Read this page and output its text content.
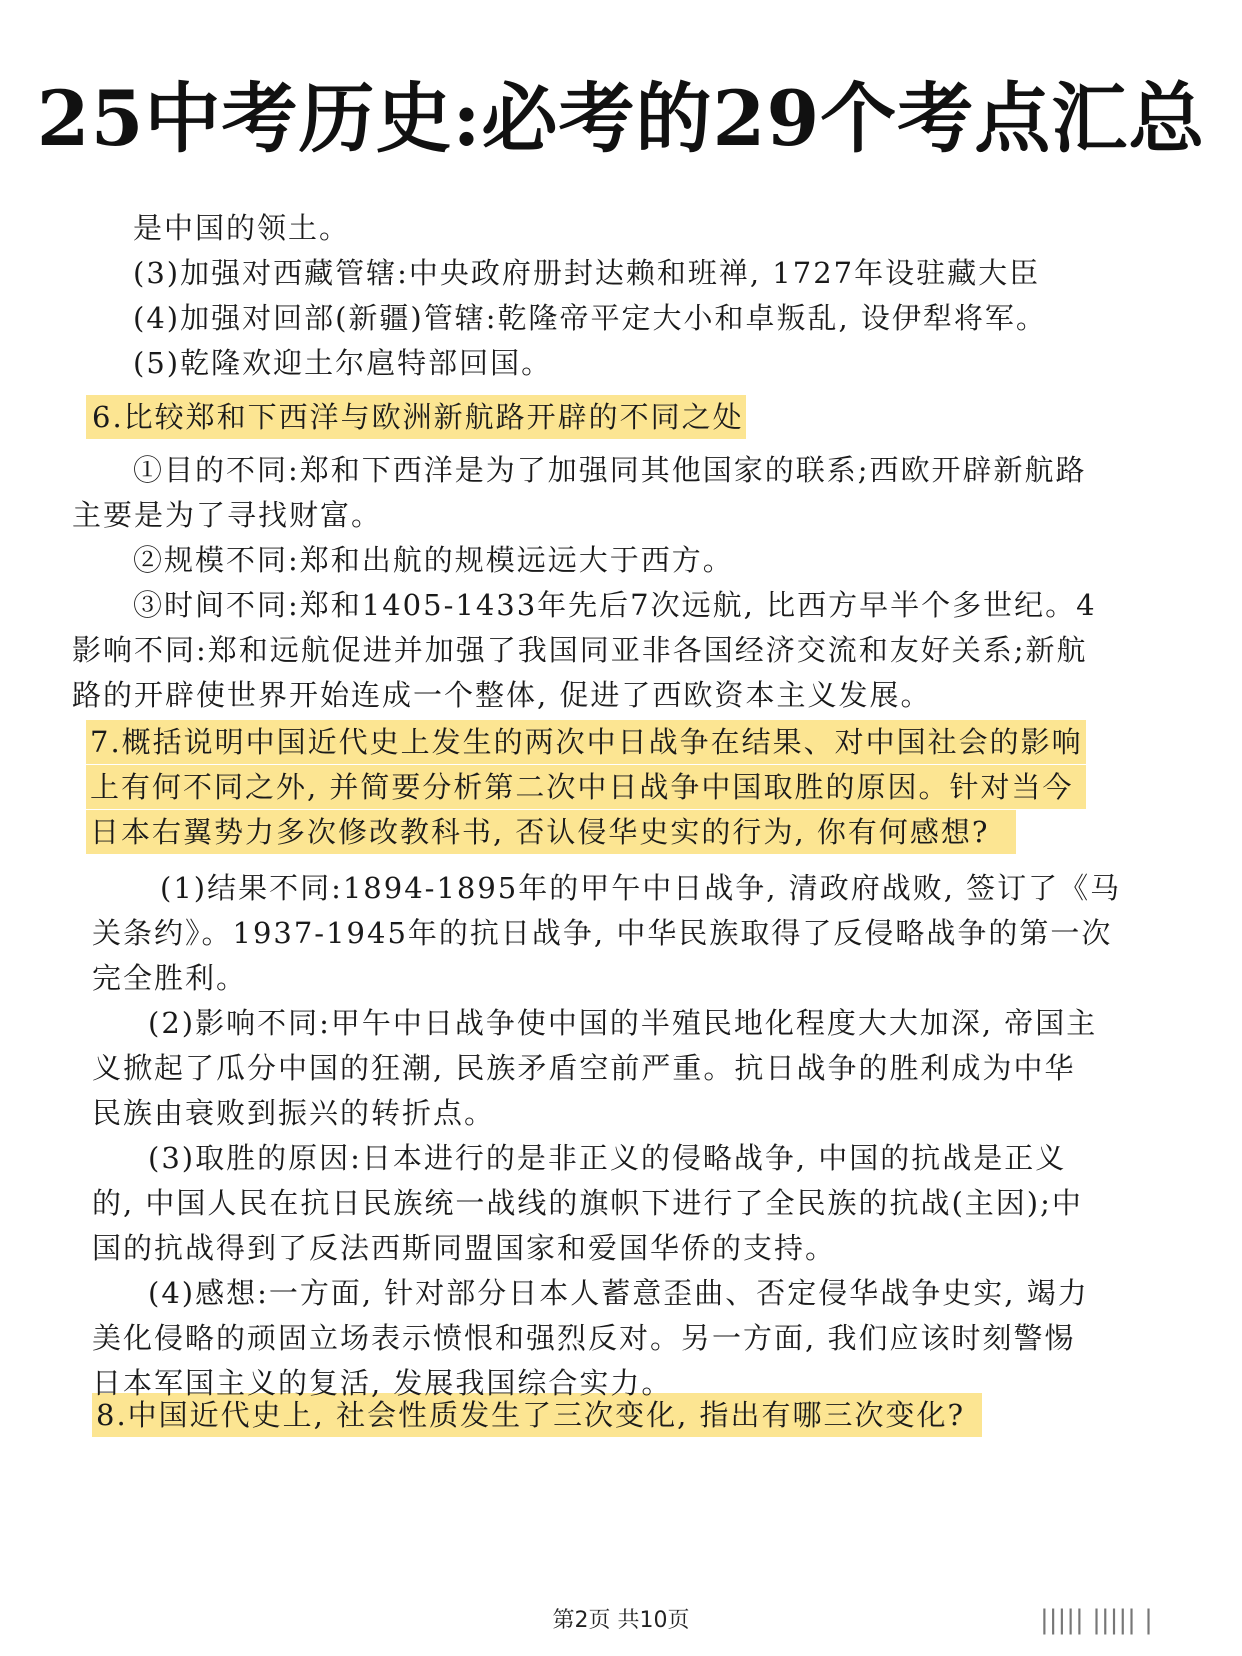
25中考历史:必考的29个考点汇总
是中国的领土。
(3)加强对西藏管辖:中央政府册封达赖和班禅, 1727年设驻藏大臣
(4)加强对回部(新疆)管辖:乾隆帝平定大小和卓叛乱, 设伊犁将军。
(5)乾隆欢迎土尔扈特部回国。
6.比较郑和下西洋与欧洲新航路开辟的不同之处
①目的不同:郑和下西洋是为了加强同其他国家的联系;西欧开辟新航路
主要是为了寻找财富。
②规模不同:郑和出航的规模远远大于西方。
③时间不同:郑和1405-1433年先后7次远航, 比西方早半个多世纪。4
影响不同:郑和远航促进并加强了我国同亚非各国经济交流和友好关系;新航
路的开辟使世界开始连成一个整体, 促进了西欧资本主义发展。
7.概括说明中国近代史上发生的两次中日战争在结果、对中国社会的影响
上有何不同之外, 并简要分析第二次中日战争中国取胜的原因。针对当今
日本右翼势力多次修改教科书, 否认侵华史实的行为, 你有何感想?
(1)结果不同:1894-1895年的甲午中日战争, 清政府战败, 签订了《马
关条约》。1937-1945年的抗日战争, 中华民族取得了反侵略战争的第一次
完全胜利。
(2)影响不同:甲午中日战争使中国的半殖民地化程度大大加深, 帝国主
义掀起了瓜分中国的狂潮, 民族矛盾空前严重。抗日战争的胜利成为中华
民族由衰败到振兴的转折点。
(3)取胜的原因:日本进行的是非正义的侵略战争, 中国的抗战是正义
的, 中国人民在抗日民族统一战线的旗帜下进行了全民族的抗战(主因);中
国的抗战得到了反法西斯同盟国家和爱国华侨的支持。
(4)感想:一方面, 针对部分日本人蓄意歪曲、否定侵华战争史实, 竭力
美化侵略的顽固立场表示愤恨和强烈反对。另一方面, 我们应该时刻警惕
日本军国主义的复活, 发展我国综合实力。
8.中国近代史上, 社会性质发生了三次变化, 指出有哪三次变化?
第2页 共10页	||||| ||||| |
